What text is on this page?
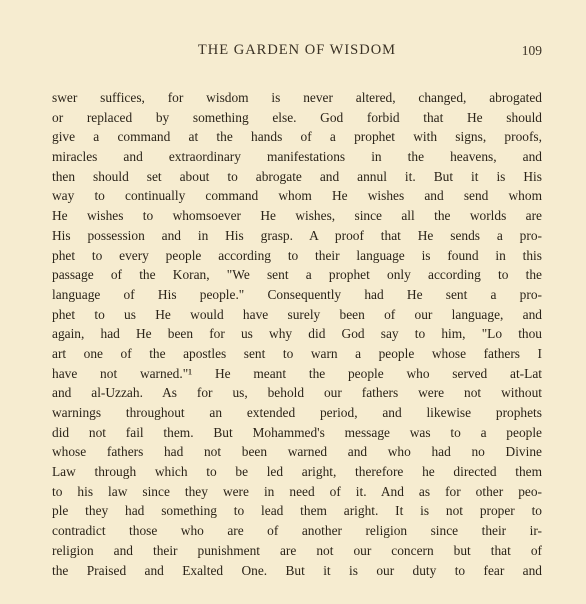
THE GARDEN OF WISDOM	109
swer suffices, for wisdom is never altered, changed, abrogated
or replaced by something else. God forbid that He should
give a command at the hands of a prophet with signs, proofs,
miracles and extraordinary manifestations in the heavens, and
then should set about to abrogate and annul it. But it is His
way to continually command whom He wishes and send whom
He wishes to whomsoever He wishes, since all the worlds are
His possession and in His grasp. A proof that He sends a pro-
phet to every people according to their language is found in this
passage of the Koran, "We sent a prophet only according to the
language of His people." Consequently had He sent a pro-
phet to us He would have surely been of our language, and
again, had He been for us why did God say to him, "Lo thou
art one of the apostles sent to warn a people whose fathers I
have not warned."¹ He meant the people who served at-Lat
and al-Uzzah. As for us, behold our fathers were not without
warnings throughout an extended period, and likewise prophets
did not fail them. But Mohammed's message was to a people
whose fathers had not been warned and who had no Divine
Law through which to be led aright, therefore he directed them
to his law since they were in need of it. And as for other peo-
ple they had something to lead them aright. It is not proper to
contradict those who are of another religion since their ir-
religion and their punishment are not our concern but that of
the Praised and Exalted One. But it is our duty to fear and
